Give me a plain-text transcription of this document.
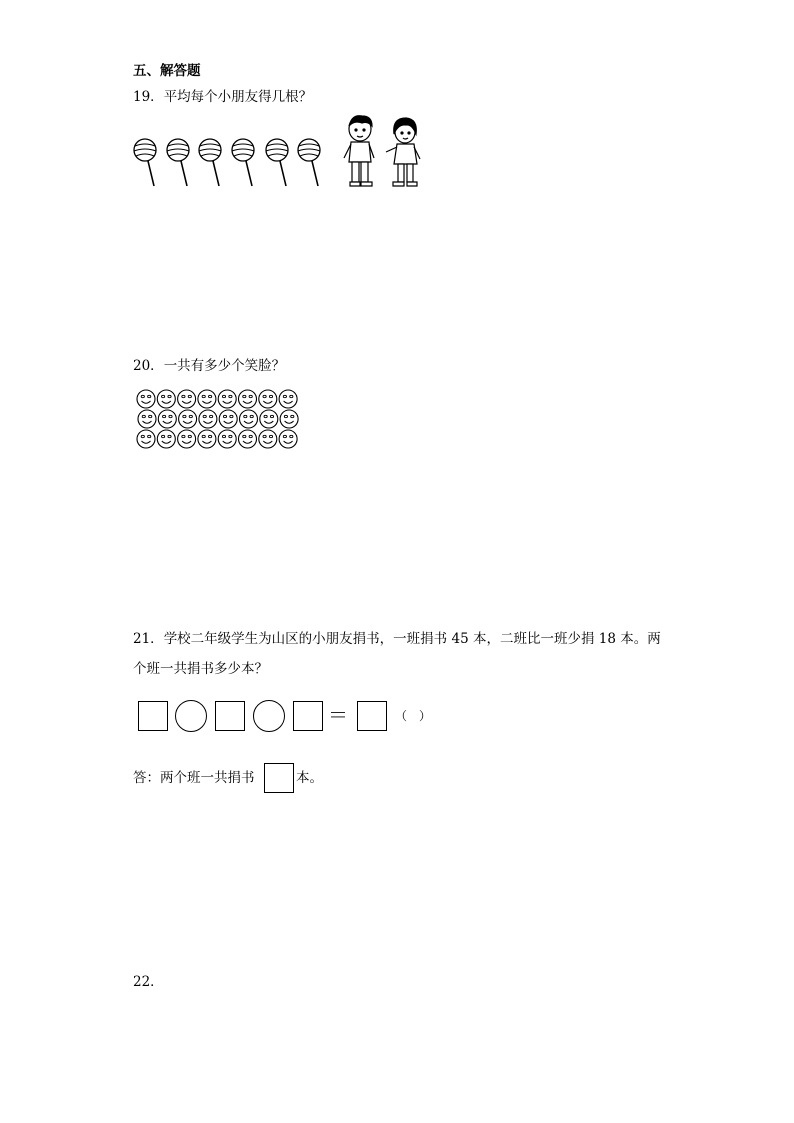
五、解答题
19．平均每个小朋友得几根？
20．一共有多少个笑脸？
21．学校二年级学生为山区的小朋友捐书，一班捐书 45 本，二班比一班少捐 18 本。两
个班一共捐书多少本？
＝	（　）
答：两个班一共捐书	本。
22．
